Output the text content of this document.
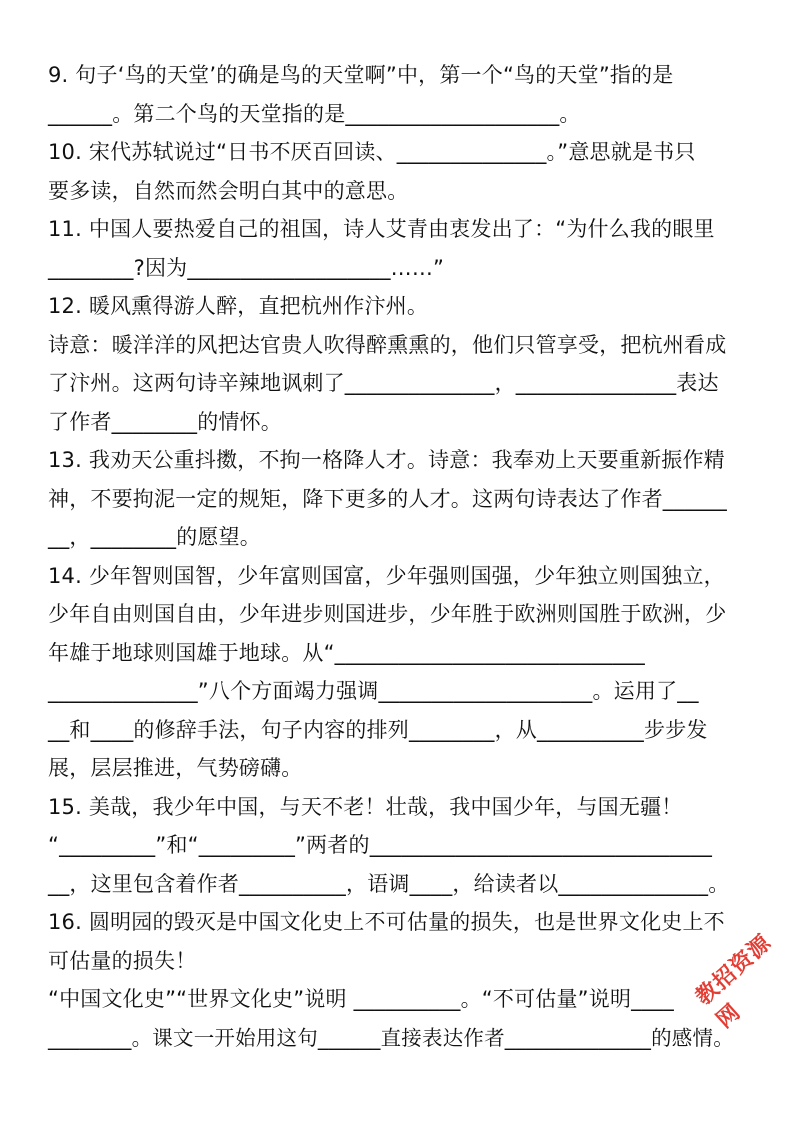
9. 句子‘鸟的天堂’的确是鸟的天堂啊”中，第一个“鸟的天堂”指的是
______。第二个鸟的天堂指的是____________________。
10. 宋代苏轼说过“日书不厌百回读、______________。”意思就是书只
要多读，自然而然会明白其中的意思。
11. 中国人要热爱自己的祖国，诗人艾青由衷发出了：“为什么我的眼里
________?因为___________________……”
12. 暖风熏得游人醉，直把杭州作汴州。
诗意：暖洋洋的风把达官贵人吹得醉熏熏的，他们只管享受，把杭州看成
了汴州。这两句诗辛辣地讽刺了______________，_______________表达
了作者________的情怀。
13. 我劝天公重抖擞，不拘一格降人才。诗意：我奉劝上天要重新振作精
神，不要拘泥一定的规矩，降下更多的人才。这两句诗表达了作者______
__，________的愿望。
14. 少年智则国智，少年富则国富，少年强则国强，少年独立则国独立，
少年自由则国自由，少年进步则国进步，少年胜于欧洲则国胜于欧洲，少
年雄于地球则国雄于地球。从“_____________________________
______________”八个方面竭力强调____________________。运用了__
__和____的修辞手法，句子内容的排列________，从__________步步发
展，层层推进，气势磅礴。
15. 美哉，我少年中国，与天不老！壮哉，我中国少年，与国无疆！
“_________”和“_________”两者的________________________________
__，这里包含着作者__________，语调____，给读者以______________。
16. 圆明园的毁灭是中国文化史上不可估量的损失，也是世界文化史上不
可估量的损失！
“中国文化史”“世界文化史”说明 __________。“不可估量”说明____
________。课文一开始用这句______直接表达作者______________的感情。
教招资源网
